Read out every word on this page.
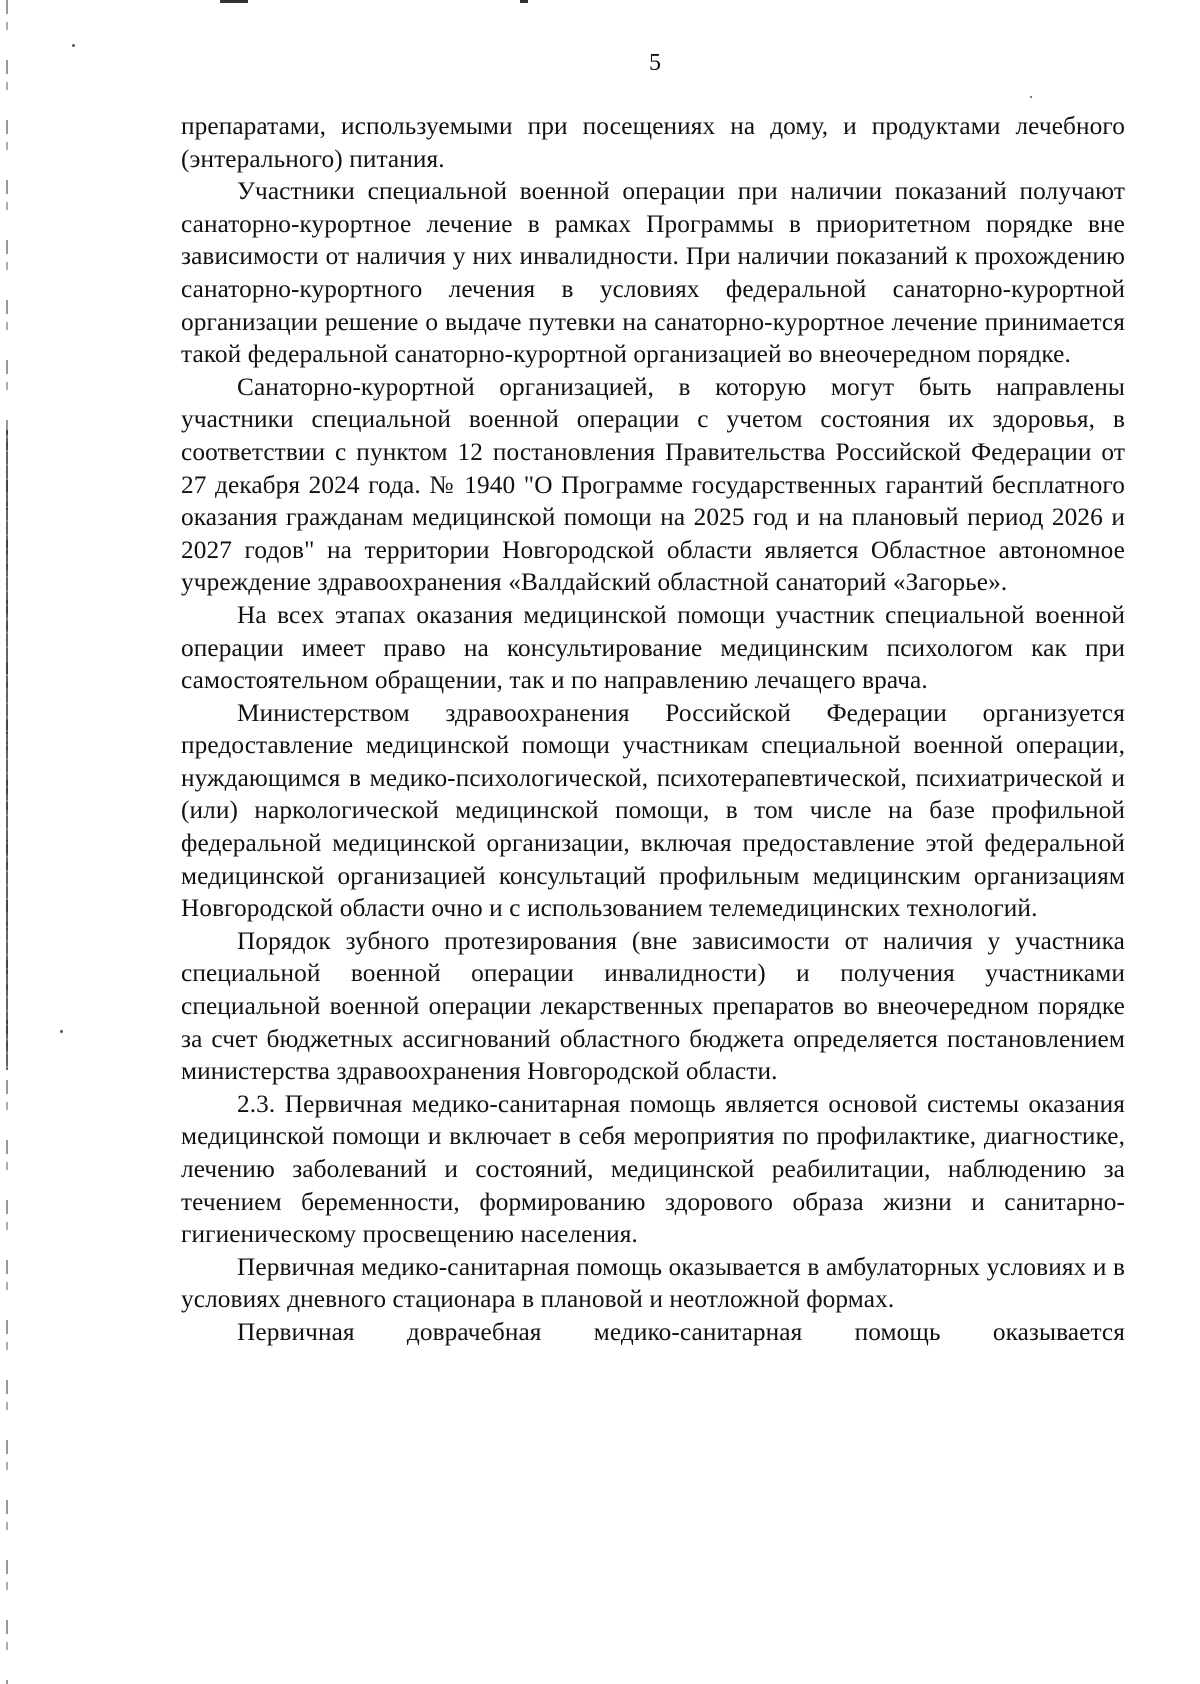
5

препаратами, используемыми при посещениях на дому, и продуктами лечебного (энтерального) питания.

Участники специальной военной операции при наличии показаний получают санаторно-курортное лечение в рамках Программы в приоритетном порядке вне зависимости от наличия у них инвалидности. При наличии показаний к прохождению санаторно-курортного лечения в условиях федеральной санаторно-курортной организации решение о выдаче путевки на санаторно-курортное лечение принимается такой федеральной санаторно-курортной организацией во внеочередном порядке.

Санаторно-курортной организацией, в которую могут быть направлены участники специальной военной операции с учетом состояния их здоровья, в соответствии с пунктом 12 постановления Правительства Российской Федерации от 27 декабря 2024 года. № 1940 "О Программе государственных гарантий бесплатного оказания гражданам медицинской помощи на 2025 год и на плановый период 2026 и 2027 годов" на территории Новгородской области является Областное автономное учреждение здравоохранения «Валдайский областной санаторий «Загорье».

На всех этапах оказания медицинской помощи участник специальной военной операции имеет право на консультирование медицинским психологом как при самостоятельном обращении, так и по направлению лечащего врача.

Министерством здравоохранения Российской Федерации организуется предоставление медицинской помощи участникам специальной военной операции, нуждающимся в медико-психологической, психотерапевтической, психиатрической и (или) наркологической медицинской помощи, в том числе на базе профильной федеральной медицинской организации, включая предоставление этой федеральной медицинской организацией консультаций профильным медицинским организациям Новгородской области очно и с использованием телемедицинских технологий.

Порядок зубного протезирования (вне зависимости от наличия у участника специальной военной операции инвалидности) и получения участниками специальной военной операции лекарственных препаратов во внеочередном порядке за счет бюджетных ассигнований областного бюджета определяется постановлением министерства здравоохранения Новгородской области.

2.3. Первичная медико-санитарная помощь является основой системы оказания медицинской помощи и включает в себя мероприятия по профилактике, диагностике, лечению заболеваний и состояний, медицинской реабилитации, наблюдению за течением беременности, формированию здорового образа жизни и санитарно-гигиеническому просвещению населения.

Первичная медико-санитарная помощь оказывается в амбулаторных условиях и в условиях дневного стационара в плановой и неотложной формах.

Первичная доврачебная медико-санитарная помощь оказывается
